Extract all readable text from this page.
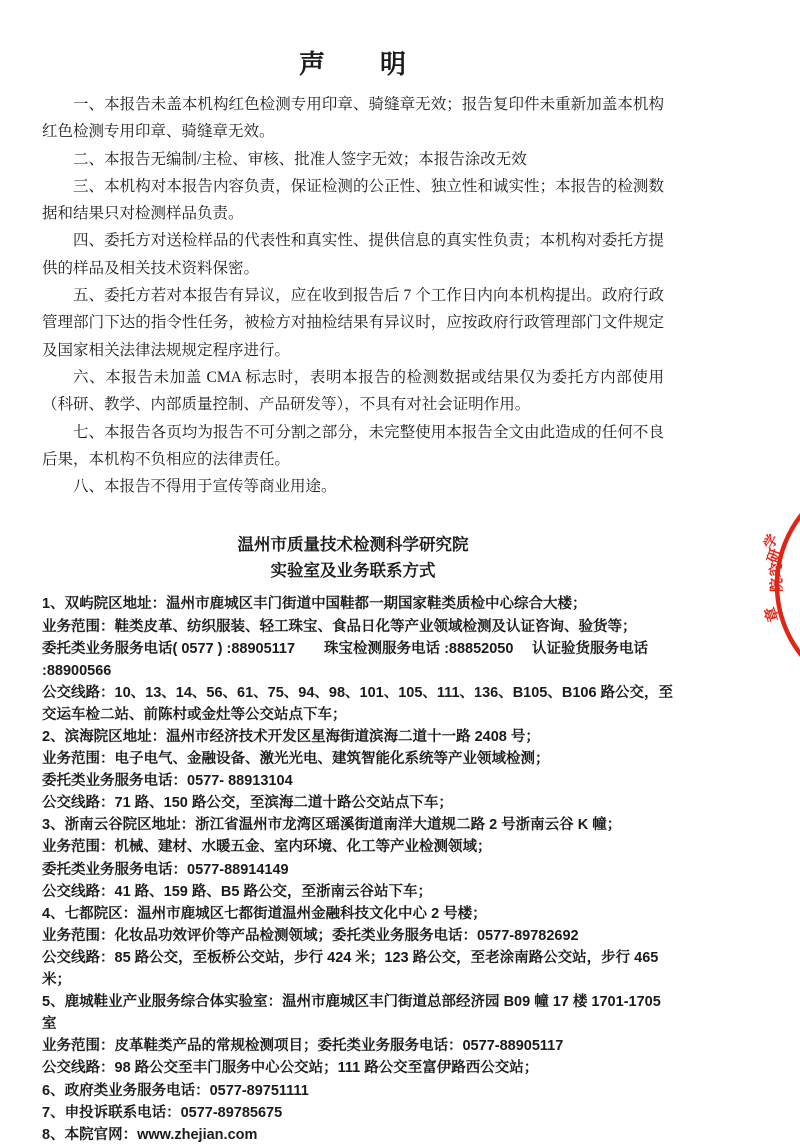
声　　明

一、本报告未盖本机构红色检测专用印章、骑缝章无效；报告复印件未重新加盖本机构红色检测专用印章、骑缝章无效。

二、本报告无编制/主检、审核、批准人签字无效；本报告涂改无效

三、本机构对本报告内容负责，保证检测的公正性、独立性和诚实性；本报告的检测数据和结果只对检测样品负责。

四、委托方对送检样品的代表性和真实性、提供信息的真实性负责；本机构对委托方提供的样品及相关技术资料保密。

五、委托方若对本报告有异议，应在收到报告后 7 个工作日内向本机构提出。政府行政管理部门下达的指令性任务，被检方对抽检结果有异议时，应按政府行政管理部门文件规定及国家相关法律法规规定程序进行。

六、本报告未加盖 CMA 标志时，表明本报告的检测数据或结果仅为委托方内部使用（科研、教学、内部质量控制、产品研发等），不具有对社会证明作用。

七、本报告各页均为报告不可分割之部分，未完整使用本报告全文由此造成的任何不良后果，本机构不负相应的法律责任。

八、本报告不得用于宣传等商业用途。

温州市质量技术检测科学研究院
实验室及业务联系方式

1、双屿院区地址：温州市鹿城区丰门街道中国鞋都一期国家鞋类质检中心综合大楼；

业务范围：鞋类皮革、纺织服装、轻工珠宝、食品日化等产业领域检测及认证咨询、验货等；

委托类业务服务电话( 0577 ) :88905117　　珠宝检测服务电话 :88852050　 认证验货服务电话 :88900566

公交线路：10、13、14、56、61、75、94、98、101、105、111、136、B105、B106 路公交，至交运车检二站、前陈村或金灶等公交站点下车；

2、滨海院区地址：温州市经济技术开发区星海街道滨海二道十一路 2408 号；

业务范围：电子电气、金融设备、激光光电、建筑智能化系统等产业领域检测；

委托类业务服务电话：0577- 88913104

公交线路：71 路、150 路公交，至滨海二道十路公交站点下车；

3、浙南云谷院区地址：浙江省温州市龙湾区瑶溪街道南洋大道规二路 2 号浙南云谷 K 幢；

业务范围：机械、建材、水暖五金、室内环境、化工等产业检测领域；

委托类业务服务电话：0577-88914149

公交线路：41 路、159 路、B5 路公交，至浙南云谷站下车；

4、七都院区：温州市鹿城区七都街道温州金融科技文化中心 2 号楼；

业务范围：化妆品功效评价等产品检测领域；委托类业务服务电话：0577-89782692

公交线路：85 路公交，至板桥公交站，步行 424 米；123 路公交，至老涂南路公交站，步行 465 米；

5、鹿城鞋业产业服务综合体实验室：温州市鹿城区丰门街道总部经济园 B09 幢 17 楼 1701-1705 室

业务范围：皮革鞋类产品的常规检测项目；委托类业务服务电话：0577-88905117

公交线路：98 路公交至丰门服务中心公交站；111 路公交至富伊路西公交站；

6、政府类业务服务电话：0577-89751111

7、申投诉联系电话：0577-89785675

8、本院官网：www.zhejian.com

学
研
究
院
章
